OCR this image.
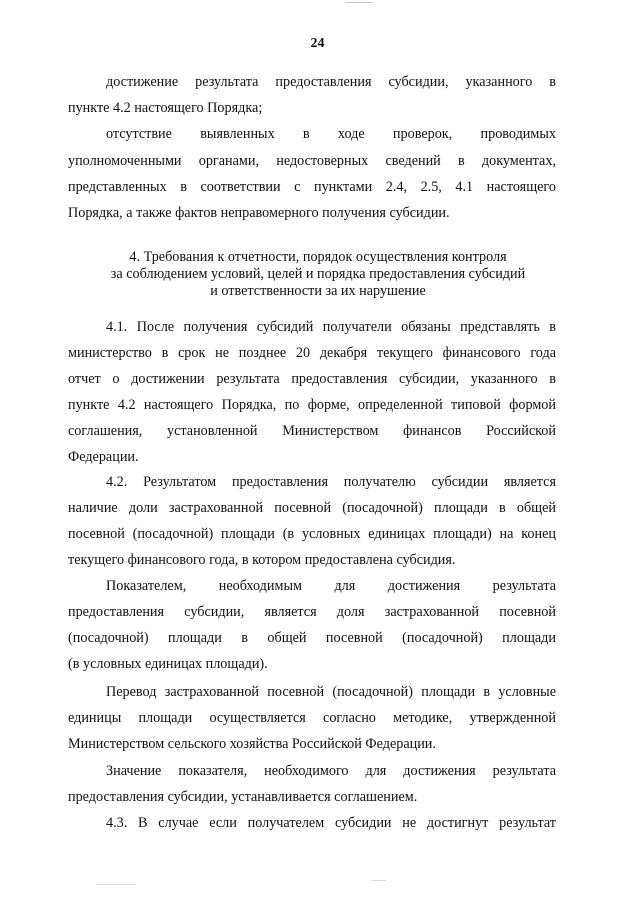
24
достижение результата предоставления субсидии, указанного в
пункте 4.2 настоящего Порядка;
отсутствие выявленных в ходе проверок, проводимых
уполномоченными органами, недостоверных сведений в документах,
представленных в соответствии с пунктами 2.4, 2.5, 4.1 настоящего
Порядка, а также фактов неправомерного получения субсидии.
4. Требования к отчетности, порядок осуществления контроля
за соблюдением условий, целей и порядка предоставления субсидий
и ответственности за их нарушение
4.1. После получения субсидий получатели обязаны представлять в
министерство в срок не позднее 20 декабря текущего финансового года
отчет о достижении результата предоставления субсидии, указанного в
пункте 4.2 настоящего Порядка, по форме, определенной типовой формой
соглашения, установленной Министерством финансов Российской
Федерации.
4.2. Результатом предоставления получателю субсидии является
наличие доли застрахованной посевной (посадочной) площади в общей
посевной (посадочной) площади (в условных единицах площади) на конец
текущего финансового года, в котором предоставлена субсидия.
Показателем, необходимым для достижения результата
предоставления субсидии, является доля застрахованной посевной
(посадочной) площади в общей посевной (посадочной) площади
(в условных единицах площади).
Перевод застрахованной посевной (посадочной) площади в условные
единицы площади осуществляется согласно методике, утвержденной
Министерством сельского хозяйства Российской Федерации.
Значение показателя, необходимого для достижения результата
предоставления субсидии, устанавливается соглашением.
4.3. В случае если получателем субсидии не достигнут результат
